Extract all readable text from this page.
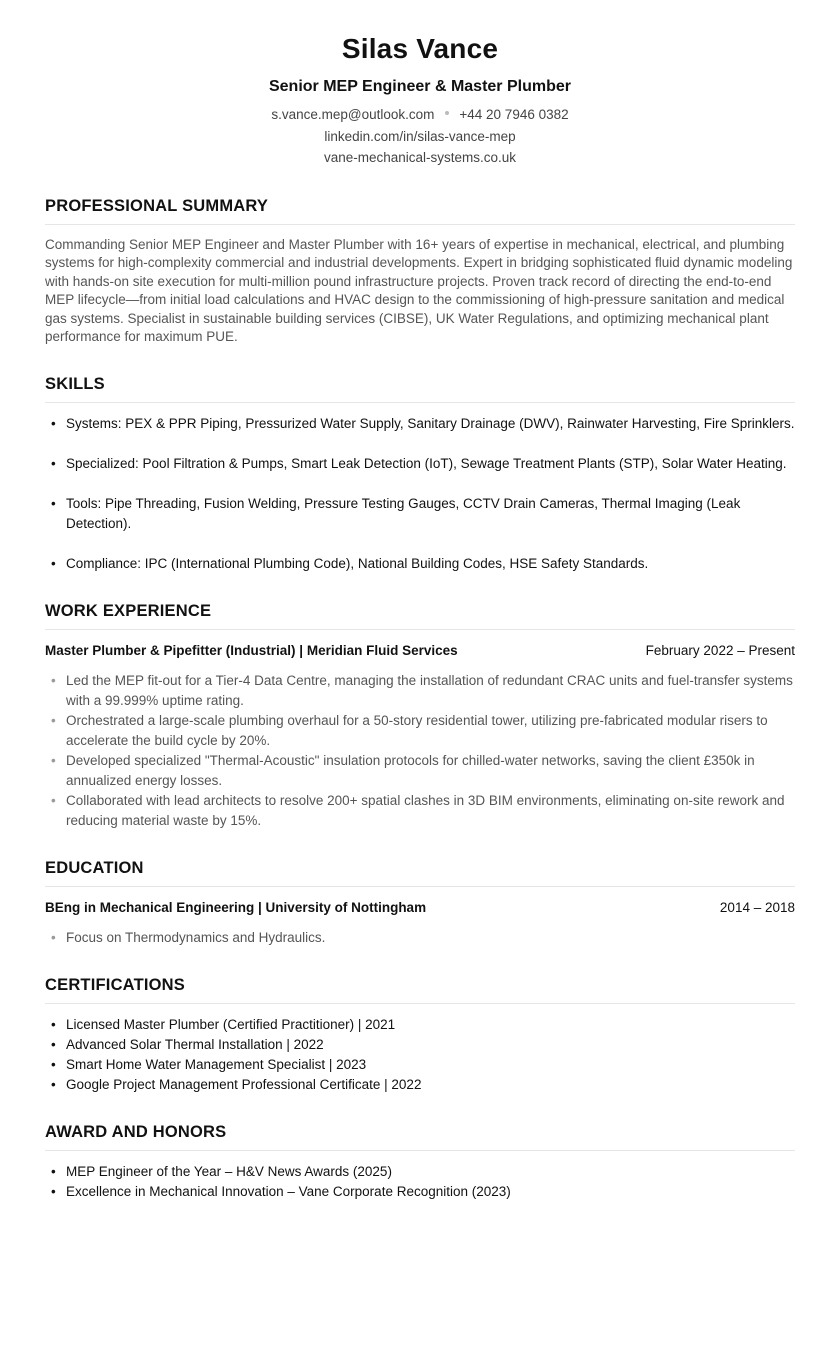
Silas Vance
Senior MEP Engineer & Master Plumber
s.vance.mep@outlook.com +44 20 7946 0382
linkedin.com/in/silas-vance-mep
vane-mechanical-systems.co.uk
PROFESSIONAL SUMMARY
Commanding Senior MEP Engineer and Master Plumber with 16+ years of expertise in mechanical, electrical, and plumbing systems for high-complexity commercial and industrial developments. Expert in bridging sophisticated fluid dynamic modeling with hands-on site execution for multi-million pound infrastructure projects. Proven track record of directing the end-to-end MEP lifecycle—from initial load calculations and HVAC design to the commissioning of high-pressure sanitation and medical gas systems. Specialist in sustainable building services (CIBSE), UK Water Regulations, and optimizing mechanical plant performance for maximum PUE.
SKILLS
• Systems: PEX & PPR Piping, Pressurized Water Supply, Sanitary Drainage (DWV), Rainwater Harvesting, Fire Sprinklers.
• Specialized: Pool Filtration & Pumps, Smart Leak Detection (IoT), Sewage Treatment Plants (STP), Solar Water Heating.
• Tools: Pipe Threading, Fusion Welding, Pressure Testing Gauges, CCTV Drain Cameras, Thermal Imaging (Leak Detection).
• Compliance: IPC (International Plumbing Code), National Building Codes, HSE Safety Standards.
WORK EXPERIENCE
Master Plumber & Pipefitter (Industrial) | Meridian Fluid Services	February 2022 – Present
• Led the MEP fit-out for a Tier-4 Data Centre, managing the installation of redundant CRAC units and fuel-transfer systems with a 99.999% uptime rating.
• Orchestrated a large-scale plumbing overhaul for a 50-story residential tower, utilizing pre-fabricated modular risers to accelerate the build cycle by 20%.
• Developed specialized "Thermal-Acoustic" insulation protocols for chilled-water networks, saving the client £350k in annualized energy losses.
• Collaborated with lead architects to resolve 200+ spatial clashes in 3D BIM environments, eliminating on-site rework and reducing material waste by 15%.
EDUCATION
BEng in Mechanical Engineering | University of Nottingham	2014 – 2018
• Focus on Thermodynamics and Hydraulics.
CERTIFICATIONS
• Licensed Master Plumber (Certified Practitioner) | 2021
• Advanced Solar Thermal Installation | 2022
• Smart Home Water Management Specialist | 2023
• Google Project Management Professional Certificate | 2022
AWARD AND HONORS
• MEP Engineer of the Year – H&V News Awards (2025)
• Excellence in Mechanical Innovation – Vane Corporate Recognition (2023)
